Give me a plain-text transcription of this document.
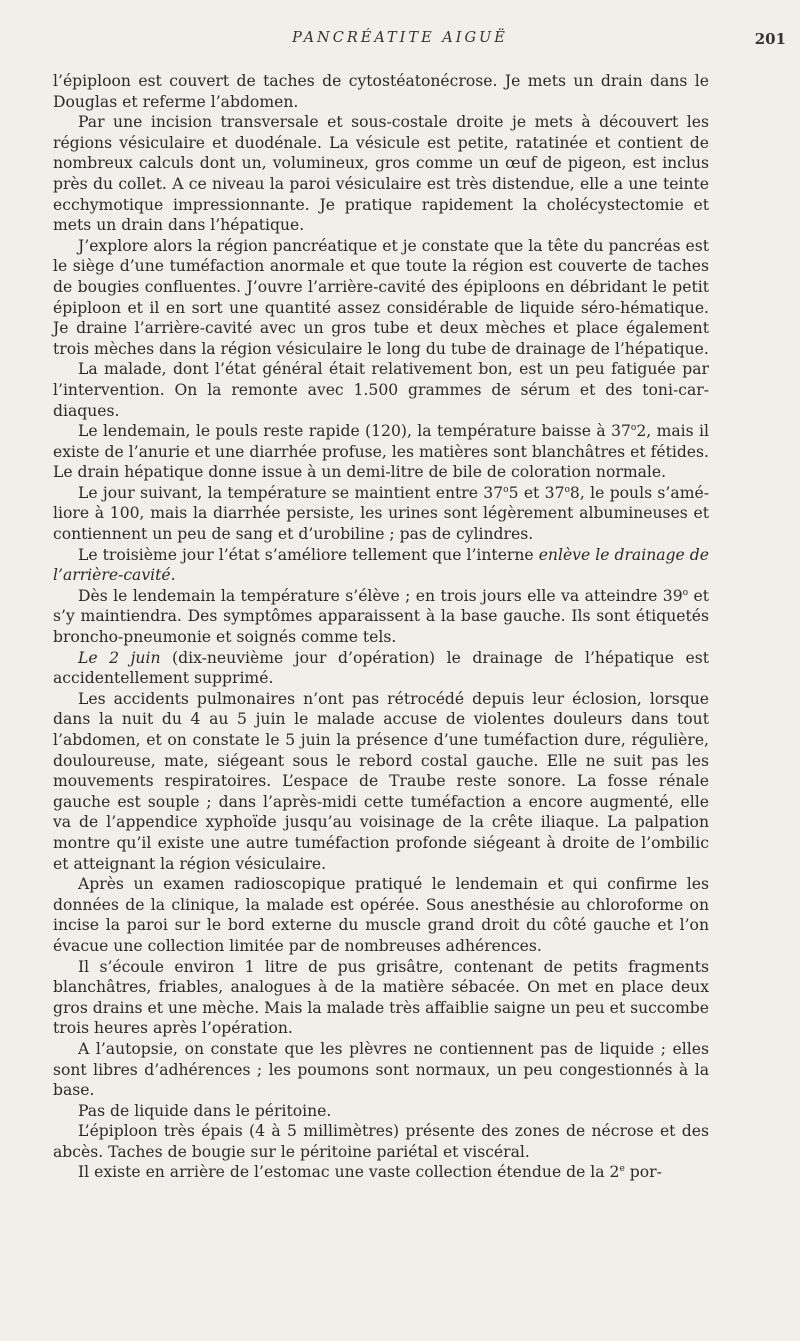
PANCRÉATITE AIGUË	201

l’épiploon est couvert de taches de cytostéatonécrose. Je mets un drain dans le Douglas et referme l’abdomen.

Par une incision transversale et sous-costale droite je mets à découvert les régions vésiculaire et duodénale. La vésicule est petite, ratatinée et contient de nombreux calculs dont un, volumineux, gros comme un œuf de pigeon, est inclus près du collet. A ce niveau la paroi vésiculaire est très distendue, elle a une teinte ecchymotique impressionnante. Je pratique rapidement la cholécystectomie et mets un drain dans l’hépatique.

J’explore alors la région pancréatique et je constate que la tête du pancréas est le siège d’une tuméfaction anormale et que toute la région est couverte de taches de bougies confluentes. J’ouvre l’arrière-cavité des épiploons en débridant le petit épiploon et il en sort une quantité assez considérable de liquide séro-hématique. Je draine l’arrière-cavité avec un gros tube et deux mèches et place également trois mèches dans la région vésiculaire le long du tube de drainage de l’hépatique.

La malade, dont l’état général était relativement bon, est un peu fatiguée par l’intervention. On la remonte avec 1.500 grammes de sérum et des toni-cardiaques.

Le lendemain, le pouls reste rapide (120), la température baisse à 37$^o$2, mais il existe de l’anurie et une diarrhée profuse, les matières sont blanchâtres et fétides. Le drain hépatique donne issue à un demi-litre de bile de coloration normale.

Le jour suivant, la température se maintient entre 37$^o$5 et 37$^o$8, le pouls s’améliore à 100, mais la diarrhée persiste, les urines sont légèrement albumineuses et contiennent un peu de sang et d’urobiline ; pas de cylindres.

Le troisième jour l’état s’améliore tellement que l’interne enlève le drainage de l’arrière-cavité.

Dès le lendemain la température s’élève ; en trois jours elle va atteindre 39$^o$ et s’y maintiendra. Des symptômes apparaissent à la base gauche. Ils sont étiquetés broncho-pneumonie et soignés comme tels.

Le 2 juin (dix-neuvième jour d’opération) le drainage de l’hépatique est accidentellement supprimé.

Les accidents pulmonaires n’ont pas rétrocédé depuis leur éclosion, lorsque dans la nuit du 4 au 5 juin le malade accuse de violentes douleurs dans tout l’abdomen, et on constate le 5 juin la présence d’une tuméfaction dure, régulière, douloureuse, mate, siégeant sous le rebord costal gauche. Elle ne suit pas les mouvements respiratoires. L’espace de Traube reste sonore. La fosse rénale gauche est souple ; dans l’après-midi cette tuméfaction a encore augmenté, elle va de l’appendice xyphoïde jusqu’au voisinage de la crête iliaque. La palpation montre qu’il existe une autre tuméfaction profonde siégeant à droite de l’ombilic et atteignant la région vésiculaire.

Après un examen radioscopique pratiqué le lendemain et qui confirme les données de la clinique, la malade est opérée. Sous anesthésie au chloroforme on incise la paroi sur le bord externe du muscle grand droit du côté gauche et l’on évacue une collection limitée par de nombreuses adhérences.

Il s’écoule environ 1 litre de pus grisâtre, contenant de petits fragments blanchâtres, friables, analogues à de la matière sébacée. On met en place deux gros drains et une mèche. Mais la malade très affaiblie saigne un peu et succombe trois heures après l’opération.

A l’autopsie, on constate que les plèvres ne contiennent pas de liquide ; elles sont libres d’adhérences ; les poumons sont normaux, un peu congestionnés à la base.

Pas de liquide dans le péritoine.

L’épiploon très épais (4 à 5 millimètres) présente des zones de nécrose et des abcès. Taches de bougie sur le péritoine pariétal et viscéral.

Il existe en arrière de l’estomac une vaste collection étendue de la 2e por-
